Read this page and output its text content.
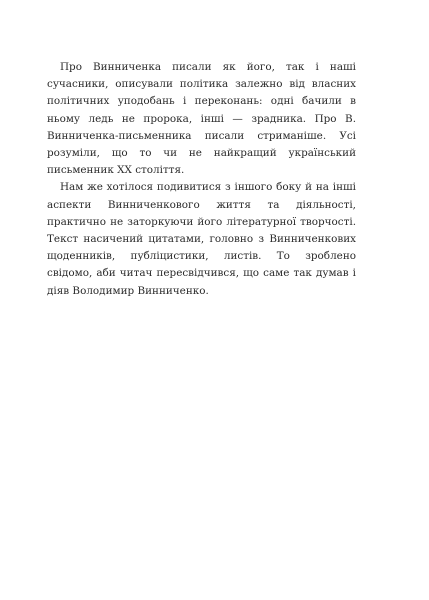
Про Винниченка писали як його, так і наші сучасники, описували політика залежно від власних політичних уподобань і переконань: одні бачили в ньому ледь не пророка, інші — зрадника. Про В. Винниченка-письменника писали стриманіше. Усі розуміли, що то чи не найкращий український письменник ХХ століття.

Нам же хотілося подивитися з іншого боку й на інші аспекти Винниченкового життя та діяльності, практично не заторкуючи його літературної творчості. Текст насичений цитатами, головно з Винниченкових щоденників, публіцистики, листів. То зроблено свідомо, аби читач пересвідчився, що саме так думав і діяв Володимир Винниченко.
